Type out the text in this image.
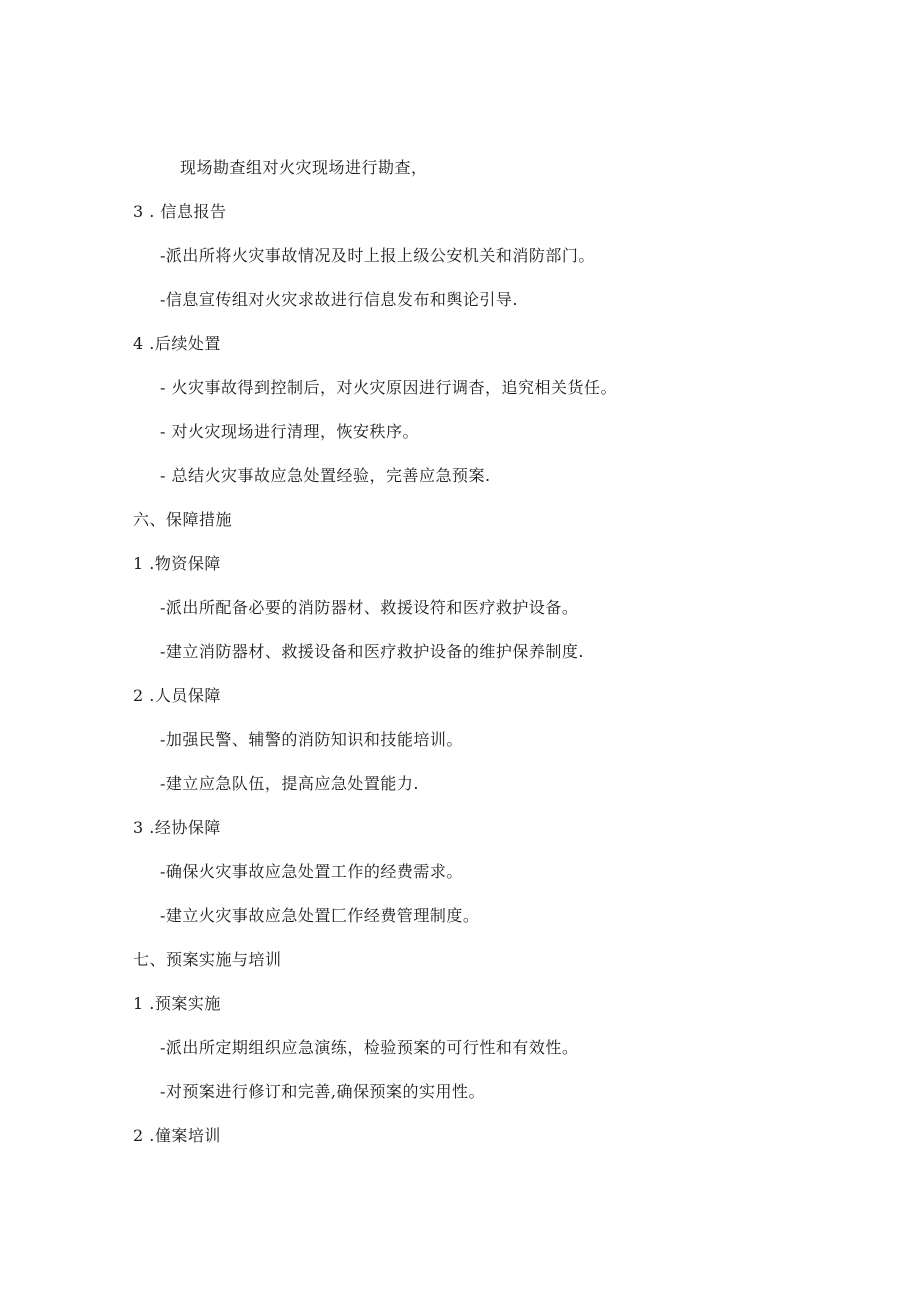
现场勘查组对火灾现场进行勘查，
3 . 信息报告
-派出所将火灾事故情况及时上报上级公安机关和消防部门。
-信息宣传组对火灾求故进行信息发布和舆论引导.
4 .后续处置
- 火灾事故得到控制后，对火灾原因进行调杳，追究相关货任。
- 对火灾现场进行清理，恢安秩序。
- 总结火灾事故应急处置经验，完善应急预案.
六、保障措施
1 .物资保障
-派出所配备必要的消防器材、救援设符和医疗救护设备。
-建立消防器材、救援设备和医疗救护设备的维护保养制度.
2 .人员保障
-加强民警、辅警的消防知识和技能培训。
-建立应急队伍，提高应急处置能力.
3 .经协保障
-确保火灾事故应急处置工作的经费需求。
-建立火灾事故应急处置匚作经费管理制度。
七、预案实施与培训
1 .预案实施
-派出所定期组织应急演练，检验预案的可行性和有效性。
-对预案进行修订和完善,确保预案的实用性。
2 .僮案培训
